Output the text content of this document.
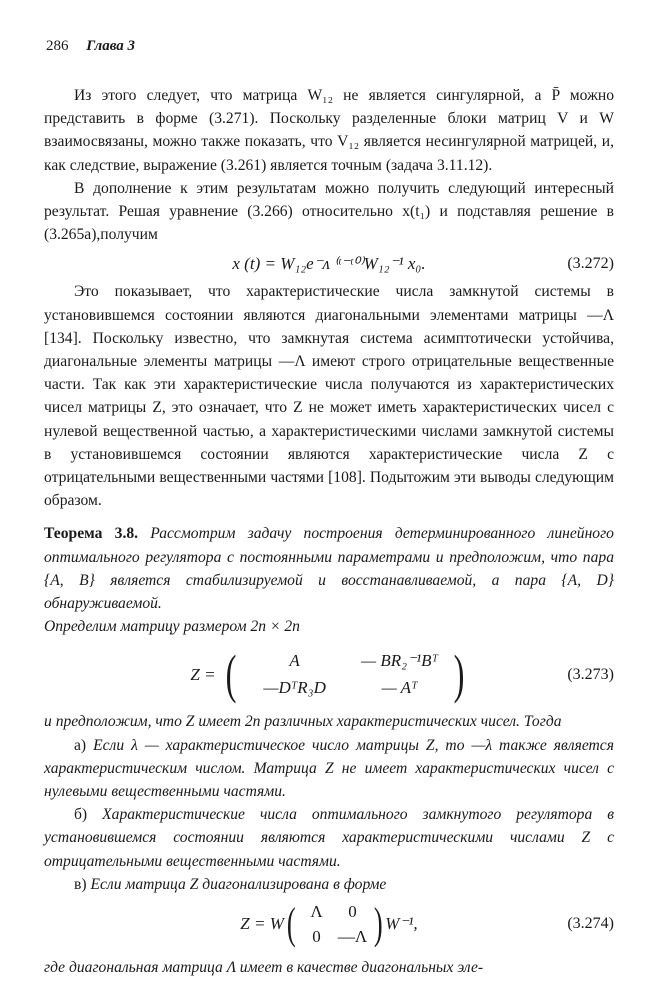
286 Глава 3

Из этого следует, что матрица W₁₂ не является сингулярной, а P̄ можно представить в форме (3.271). Поскольку разделенные блоки матриц V и W взаимосвязаны, можно также показать, что V₁₂ является несингулярной матрицей, и, как следствие, выражение (3.261) является точным (задача 3.11.12).

В дополнение к этим результатам можно получить следующий интересный результат. Решая уравнение (3.266) относительно x(t₁) и подставляя решение в (3.265a),получим

x (t) = W₁₂e⁻ᴧ ⁽ᵗ⁻ᵗ⁰⁾W₁₂⁻¹ x₀.	(3.272)

Это показывает, что характеристические числа замкнутой системы в установившемся состоянии являются диагональными элементами матрицы —Λ [134]. Поскольку известно, что замкнутая система асимптотически устойчива, диагональные элементы матрицы —Λ имеют строго отрицательные вещественные части. Так как эти характеристические числа получаются из характеристических чисел матрицы Z, это означает, что Z не может иметь характеристических чисел с нулевой вещественной частью, а характеристическими числами замкнутой системы в установившемся состоянии являются характеристические числа Z с отрицательными вещественными частями [108]. Подытожим эти выводы следующим образом.

Теорема 3.8. Рассмотрим задачу построения детерминированного линейного оптимального регулятора с постоянными параметрами и предположим, что пара {A, B} является стабилизируемой и восстанавливаемой, а пара {A, D} обнаруживаемой.

Определим матрицу размером 2n × 2n

Z = (	A	— BR₂⁻¹Bᵀ
—DᵀR₃D	— Aᵀ )	(3.273)

и предположим, что Z имеет 2n различных характеристических чисел. Тогда

а) Если λ — характеристическое число матрицы Z, то —λ также является характеристическим числом. Матрица Z не имеет характеристических чисел с нулевыми вещественными частями.

б) Характеристические числа оптимального замкнутого регулятора в установившемся состоянии являются характеристическими числами Z с отрицательными вещественными частями.

в) Если матрица Z диагонализирована в форме

Z = W ( Λ	0
0	—Λ ) W⁻¹,	(3.274)

где диагональная матрица Λ имеет в качестве диагональных эле-
